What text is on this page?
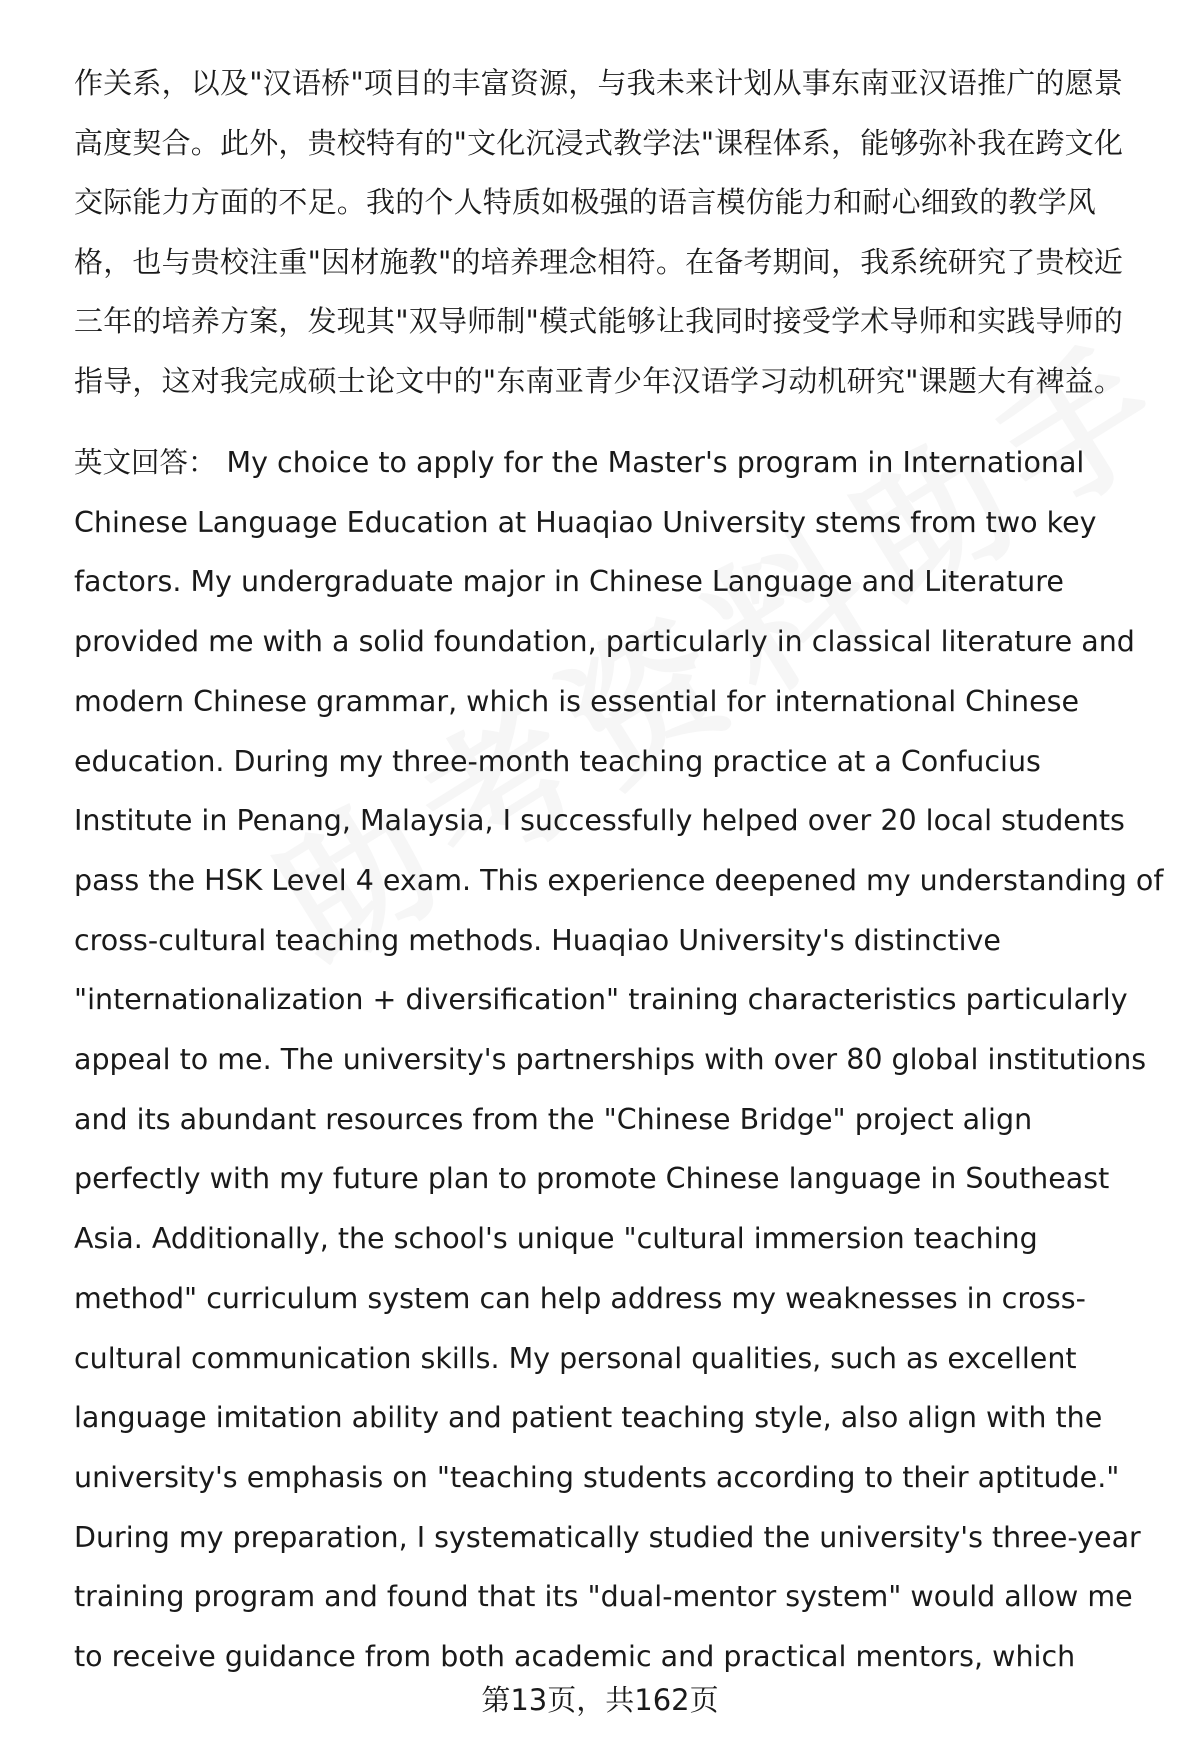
作关系，以及"汉语桥"项目的丰富资源，与我未来计划从事东南亚汉语推广的愿景
高度契合。此外，贵校特有的"文化沉浸式教学法"课程体系，能够弥补我在跨文化
交际能力方面的不足。我的个人特质如极强的语言模仿能力和耐心细致的教学风
格，也与贵校注重"因材施教"的培养理念相符。在备考期间，我系统研究了贵校近
三年的培养方案，发现其"双导师制"模式能够让我同时接受学术导师和实践导师的
指导，这对我完成硕士论文中的"东南亚青少年汉语学习动机研究"课题大有裨益。

英文回答： My choice to apply for the Master's program in International
Chinese Language Education at Huaqiao University stems from two key
factors. My undergraduate major in Chinese Language and Literature
provided me with a solid foundation, particularly in classical literature and
modern Chinese grammar, which is essential for international Chinese
education. During my three-month teaching practice at a Confucius
Institute in Penang, Malaysia, I successfully helped over 20 local students
pass the HSK Level 4 exam. This experience deepened my understanding of
cross-cultural teaching methods. Huaqiao University's distinctive
"internationalization + diversification" training characteristics particularly
appeal to me. The university's partnerships with over 80 global institutions
and its abundant resources from the "Chinese Bridge" project align
perfectly with my future plan to promote Chinese language in Southeast
Asia. Additionally, the school's unique "cultural immersion teaching
method" curriculum system can help address my weaknesses in cross-
cultural communication skills. My personal qualities, such as excellent
language imitation ability and patient teaching style, also align with the
university's emphasis on "teaching students according to their aptitude."
During my preparation, I systematically studied the university's three-year
training program and found that its "dual-mentor system" would allow me
to receive guidance from both academic and practical mentors, which

第13页，共162页
